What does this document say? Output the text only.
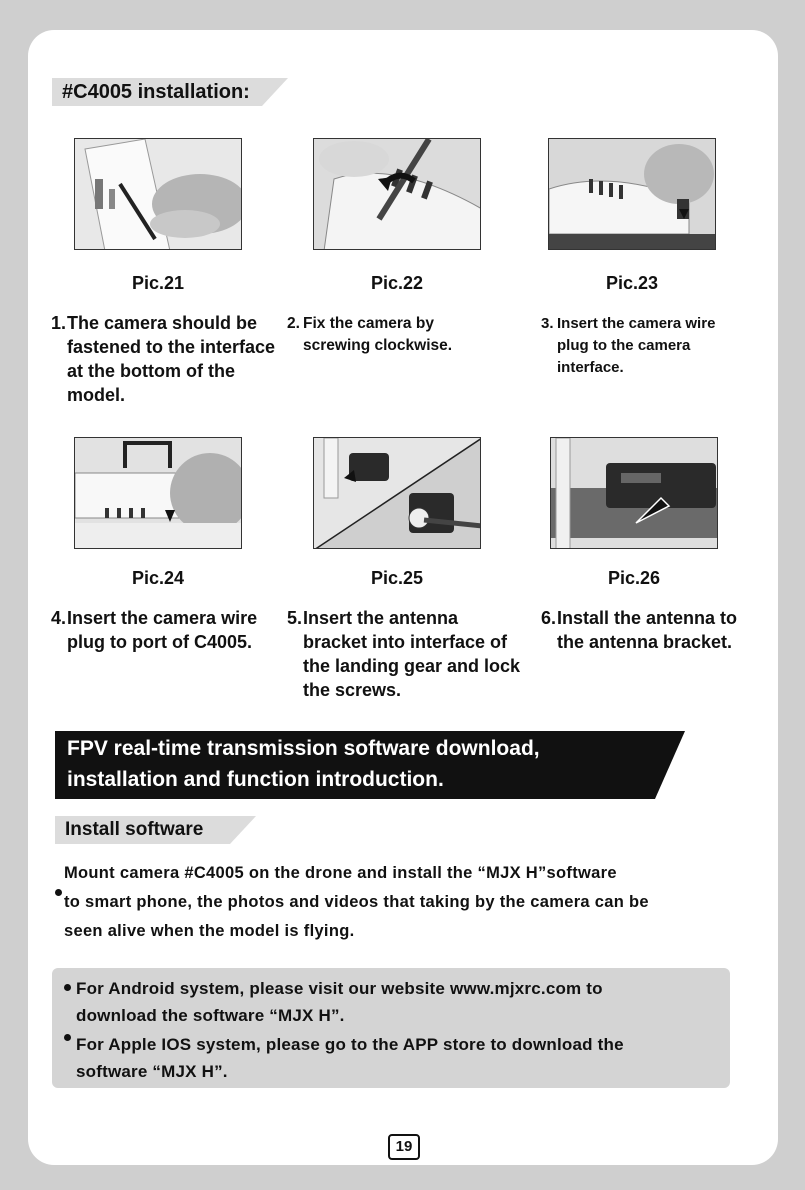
#C4005 installation:
Pic.21	Pic.22	Pic.23
1. The camera should be fastened to the interface at the bottom of the model.
2. Fix the camera by screwing clockwise.
3. Insert the camera wire plug to the camera interface.
Pic.24	Pic.25	Pic.26
4. Insert the camera wire plug to port of C4005.
5. Insert the antenna bracket into interface of the landing gear and lock the screws.
6. Install the antenna to the antenna bracket.
FPV real-time transmission software download,
installation and function introduction.
Install software
Mount camera #C4005 on the drone and install the “MJX H”software
to smart phone, the photos and videos that taking by the camera can be
seen alive when the model is flying.
For Android system, please visit our website www.mjxrc.com to
download the software “MJX H”.
For Apple IOS system, please go to the APP store to download the
software “MJX H”.
19
